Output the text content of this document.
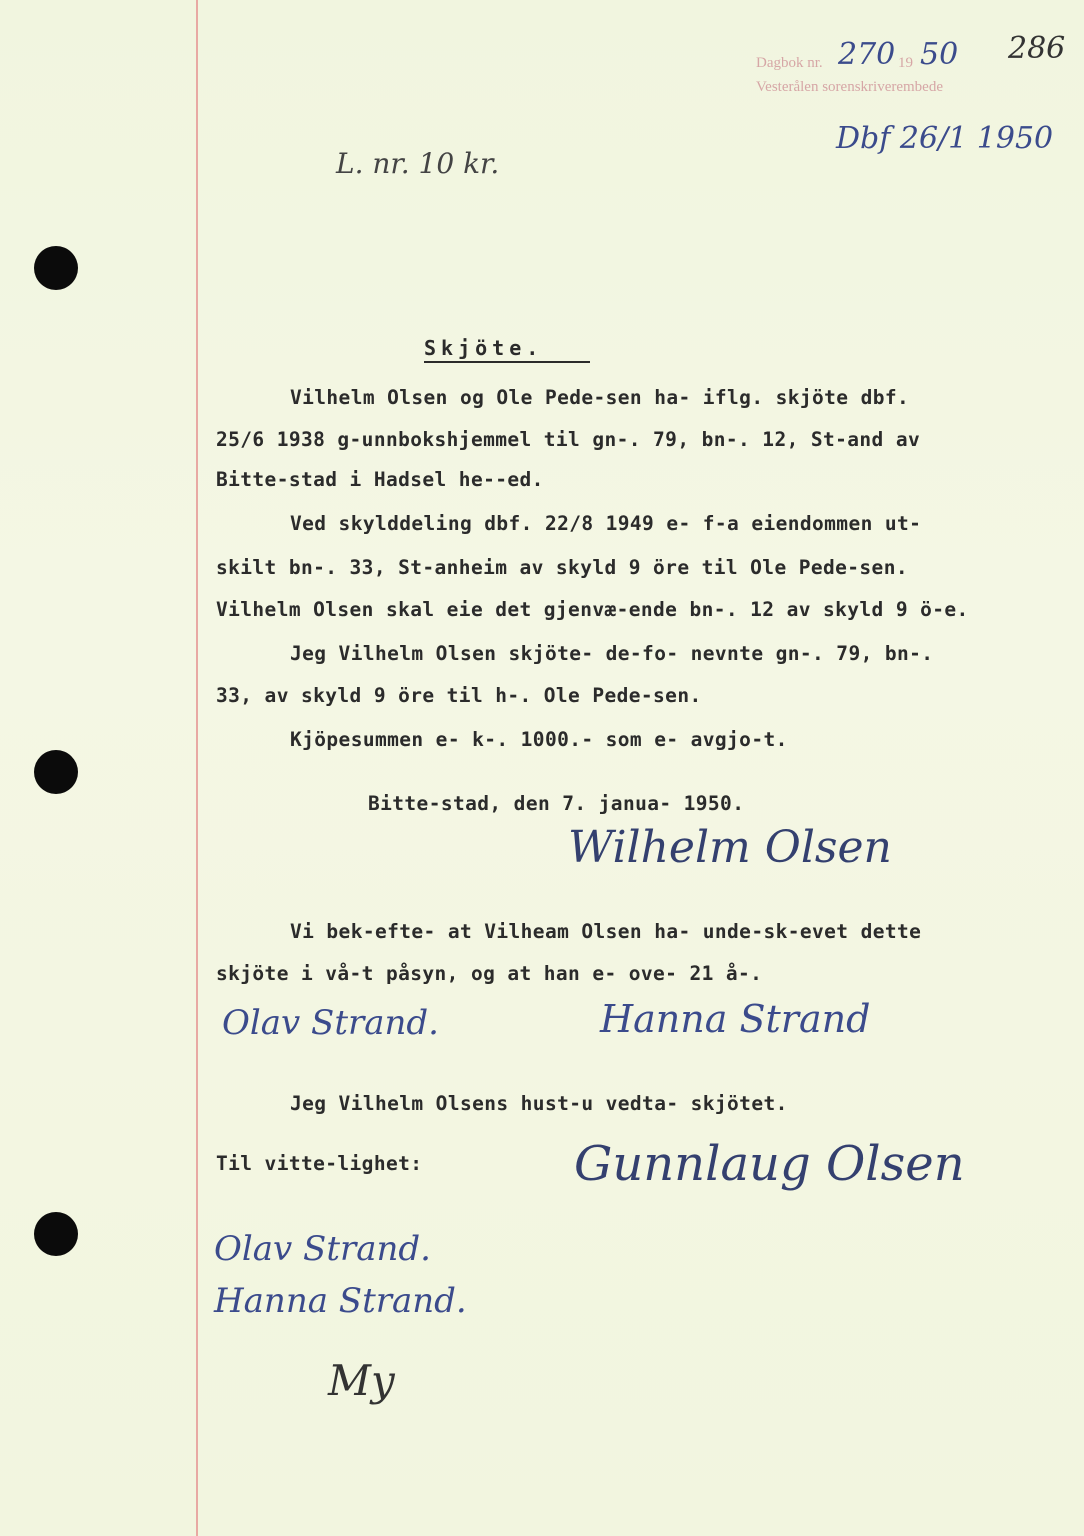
Dagbok nr. 270 19 50
Vesterålen sorenskriverembede
286
Dbf 26/1 1950
L. nr. 10 kr.
Skjöte.
Vilhelm Olsen og Ole Pede-sen ha- iflg. skjöte dbf.
25/6 1938 g-unnbokshjemmel til gn-. 79, bn-. 12, St-and av
Bitte-stad i Hadsel he--ed.
Ved skylddeling dbf. 22/8 1949 e- f-a eiendommen ut-
skilt bn-. 33, St-anheim av skyld 9 öre til Ole Pede-sen.
Vilhelm Olsen skal eie det gjenvæ-ende bn-. 12 av skyld 9 ö-e.
Jeg Vilhelm Olsen skjöte- de-fo- nevnte gn-. 79, bn-.
33, av skyld 9 öre til h-. Ole Pede-sen.
Kjöpesummen e- k-. 1000.- som e- avgjo-t.
Bitte-stad, den 7. janua- 1950.
Wilhelm Olsen
Vi bek-efte- at Vilheam Olsen ha- unde-sk-evet dette
skjöte i vå-t påsyn, og at han e- ove- 21 å-.
Olav Strand.	Hanna Strand
Jeg Vilhelm Olsens hust-u vedta- skjötet.
Til vitte-lighet:	Gunnlaug Olsen
Olav Strand.
Hanna Strand.
My
